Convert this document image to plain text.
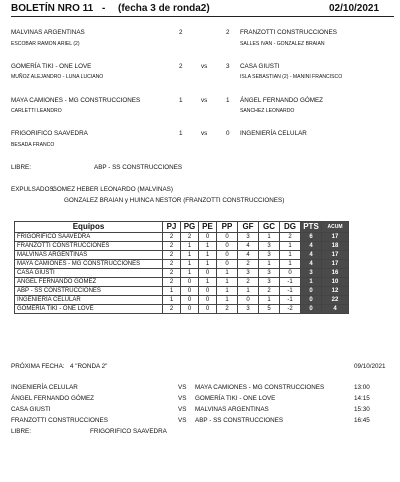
BOLETÍN NRO 11 - (fecha 3 de ronda2)	02/10/2021
MALVINAS ARGENTINAS	2	2 FRANZOTTI CONSTRUCCIONES
ESCOBAR RAMON ARIEL (2)	SALLES IVAN - GONZALEZ BRAIAN
GOMERÍA TIKI - ONE LOVE	2	vs	3 CASA GIUSTI
MUÑOZ ALEJANDRO - LUNA LUCIANO	ISLA SEBASTIAN (2) - MANINI FRANCISCO
MAYA CAMIONES - MG CONSTRUCCIONES	1	vs	1 ÁNGEL FERNANDO GÓMEZ
CARLETTI LEANDRO	SANCHEZ LEONARDO
FRIGORIFICO SAAVEDRA	1	vs	0 INGENIERÍA CELULAR
BESADA FRANCO
LIBRE:	ABP - SS CONSTRUCCIONES
EXPULSADOS:
GOMEZ HEBER LEONARDO (MALVINAS)
GONZALEZ BRAIAN y HUINCA NESTOR (FRANZOTTI CONSTRUCCIONES)
Equipos	PJ	PG	PE	PP	GF	GC	DG	PTS	ACUM
FRIGORIFICO SAAVEDRA	2	2	0	0	3	1	2	6	17
FRANZOTTI CONSTRUCCIONES	2	1	1	0	4	3	1	4	18
MALVINAS ARGENTINAS	2	1	1	0	4	3	1	4	17
MAYA CAMIONES - MG CONSTRUCCIONES	2	1	1	0	2	1	1	4	17
CASA GIUSTI	2	1	0	1	3	3	0	3	16
ÁNGEL FERNANDO GÓMEZ	2	0	1	1	2	3	-1	1	10
ABP - SS CONSTRUCCIONES	1	0	0	1	1	2	-1	0	12
INGENIERÍA CELULAR	1	0	0	1	0	1	-1	0	22
GOMERÍA TIKI - ONE LOVE	2	0	0	2	3	5	-2	0	4
PRÓXIMA FECHA: 4 "RONDA 2"	09/10/2021
INGENIERÍA CELULAR	VS MAYA CAMIONES - MG CONSTRUCCIONES	13:00
ÁNGEL FERNANDO GÓMEZ	VS GOMERÍA TIKI - ONE LOVE	14:15
CASA GIUSTI	VS MALVINAS ARGENTINAS	15:30
FRANZOTTI CONSTRUCCIONES	VS ABP - SS CONSTRUCCIONES	16:45
LIBRE:	FRIGORIFICO SAAVEDRA
